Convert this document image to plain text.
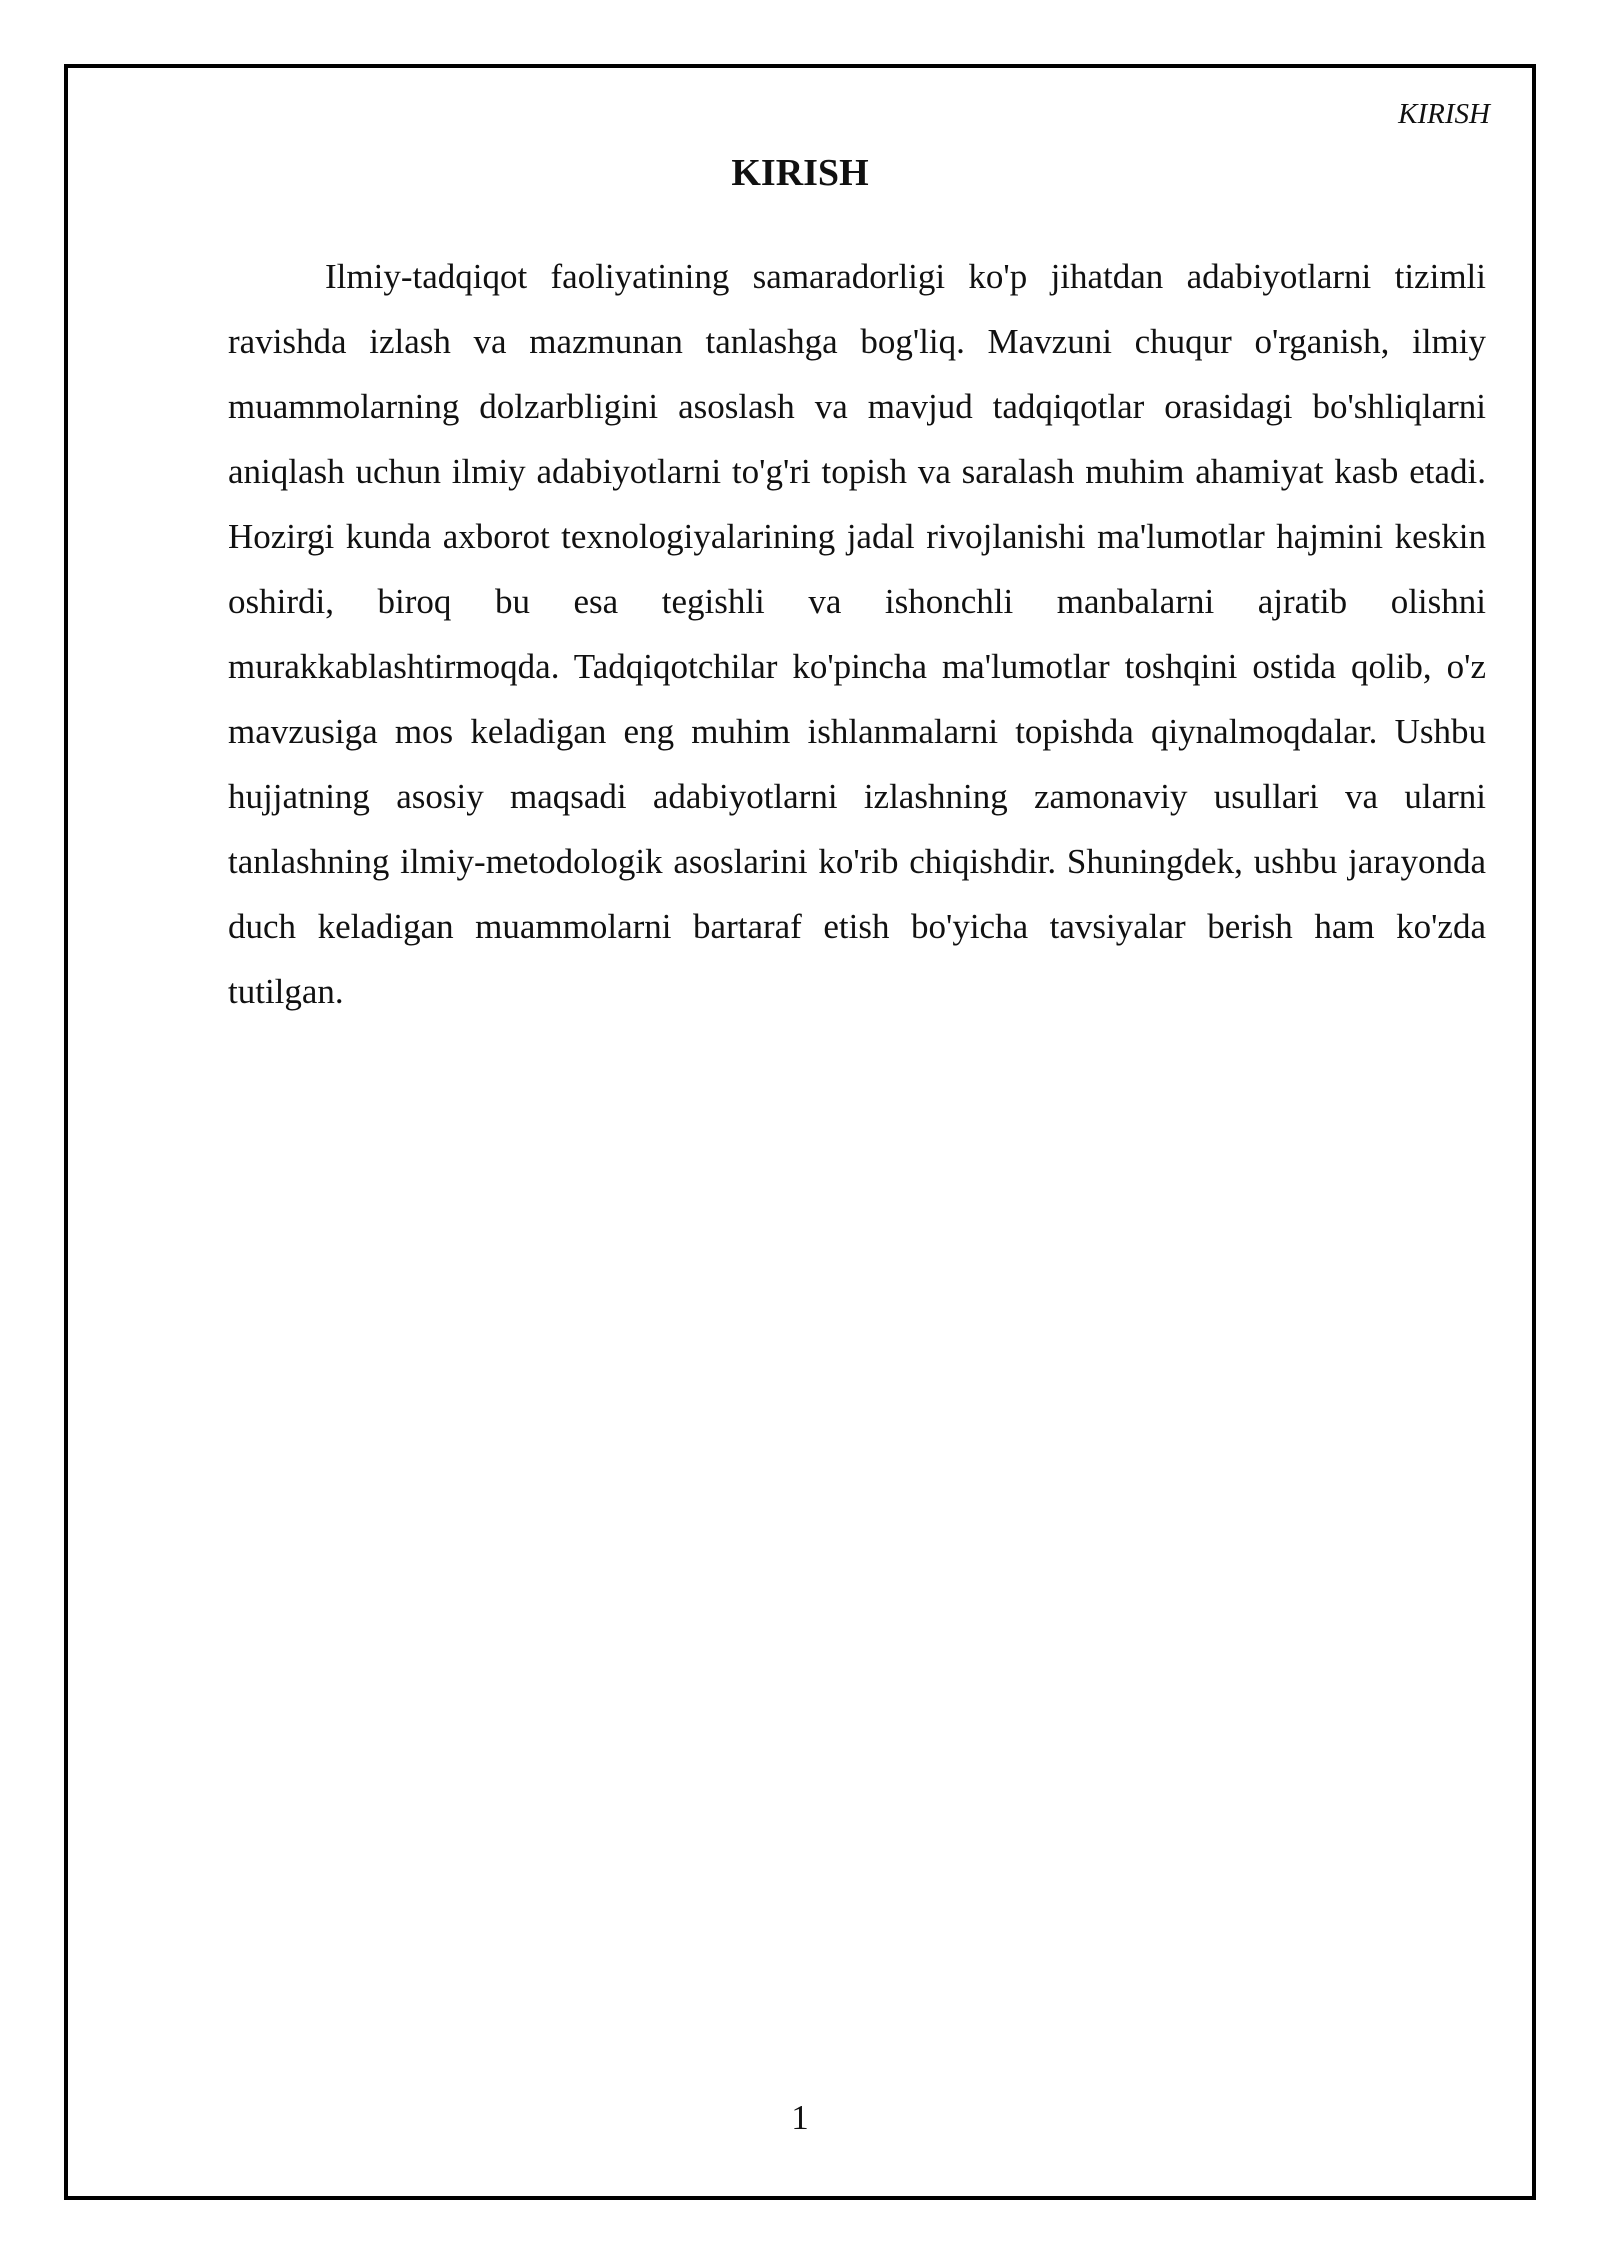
KIRISH
KIRISH

Ilmiy-tadqiqot faoliyatining samaradorligi ko'p jihatdan adabiyotlarni tizimli ravishda izlash va mazmunan tanlashga bog'liq. Mavzuni chuqur o'rganish, ilmiy muammolarning dolzarbligini asoslash va mavjud tadqiqotlar orasidagi bo'shliqlarni aniqlash uchun ilmiy adabiyotlarni to'g'ri topish va saralash muhim ahamiyat kasb etadi. Hozirgi kunda axborot texnologiyalarining jadal rivojlanishi ma'lumotlar hajmini keskin oshirdi, biroq bu esa tegishli va ishonchli manbalarni ajratib olishni murakkablashtirmoqda. Tadqiqotchilar ko'pincha ma'lumotlar toshqini ostida qolib, o'z mavzusiga mos keladigan eng muhim ishlanmalarni topishda qiynalmoqdalar. Ushbu hujjatning asosiy maqsadi adabiyotlarni izlashning zamonaviy usullari va ularni tanlashning ilmiy-metodologik asoslarini ko'rib chiqishdir. Shuningdek, ushbu jarayonda duch keladigan muammolarni bartaraf etish bo'yicha tavsiyalar berish ham ko'zda tutilgan.

1
